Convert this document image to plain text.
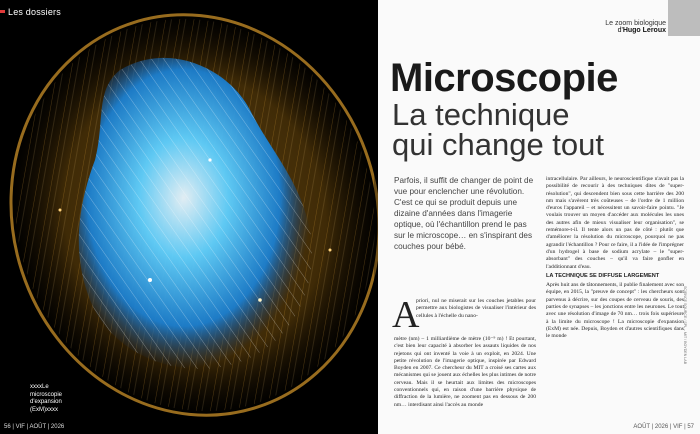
Les dossiers
xxxxLe
microscopie
d'expansion
(ExM)xxxx
56 | VIF | AOÛT | 2026
Le zoom biologique
d'Hugo Leroux
Microscopie
La technique
qui change tout
Parfois, il suffit de changer de point de vue pour enclencher une révolution. C'est ce qui se produit depuis une dizaine d'années dans l'imagerie optique, où l'échantillon prend le pas sur le microscope… en s'inspirant des couches pour bébé.
A
priori, nul ne miserait sur les couches jetables pour permettre aux biologistes de visualiser l'intérieur des cellules à l'échelle du nano-
mètre (nm) – 1 milliardième de mètre (10⁻⁹ m) ! Et pourtant, c'est bien leur capacité à absorber les assauts liquides de nos rejetons qui ont inventé la voie à un exploit, en 2024. Une petite révolution de l'imagerie optique, inspirée par Edward Boyden en 2007. Ce chercheur du MIT a croisé ses cartes aux mécanismes qui se jouent aux échelles les plus intimes de notre cerveau. Mais il se heurtait aux limites des microscopes conventionnels qui, en raison d'une barrière physique de diffraction de la lumière, ne zooment pas en dessous de 200 nm… interdisant ainsi l'accès au monde
intracellulaire. Par ailleurs, le neuroscientifique n'avait pas la possibilité de recourir à des techniques dites de "super-résolution", qui descendent bien sous cette barrière des 200 nm mais s'avèrent très coûteuses – de l'ordre de 1 million d'euros l'appareil – et nécessitent un savoir-faire pointu. "Je voulais trouver un moyen d'accéder aux molécules les unes des autres afin de mieux visualiser leur organisation", se remémore-t-il. Il tente alors un pas de côté : plutôt que d'améliorer la résolution du microscope, pourquoi ne pas agrandir l'échantillon ? Pour ce faire, il a l'idée de l'imprégner d'un hydrogel à base de sodium acrylate – le "super-absorbant" des couches – qu'il va faire gonfler en l'additionnant d'eau.
LA TECHNIQUE SE DIFFUSE LARGEMENT
Après huit ans de tâtonnements, il publie finalement avec son équipe, en 2015, la "preuve de concept" : les chercheurs sont parvenus à décrire, sur des coupes de cerveau de souris, des parties de synapses – les jonctions entre les neurones. Le tout avec une résolution d'image de 70 nm… trois fois supérieure à la limite du microscope ! La microscopie d'expansion (ExM) est née. Depuis, Boyden et d'autres scientifiques dans le monde	SCIENCE SOURCE / SPL – MIT / BOYDEN LAB
AOÛT | 2026 | VIF | 57
